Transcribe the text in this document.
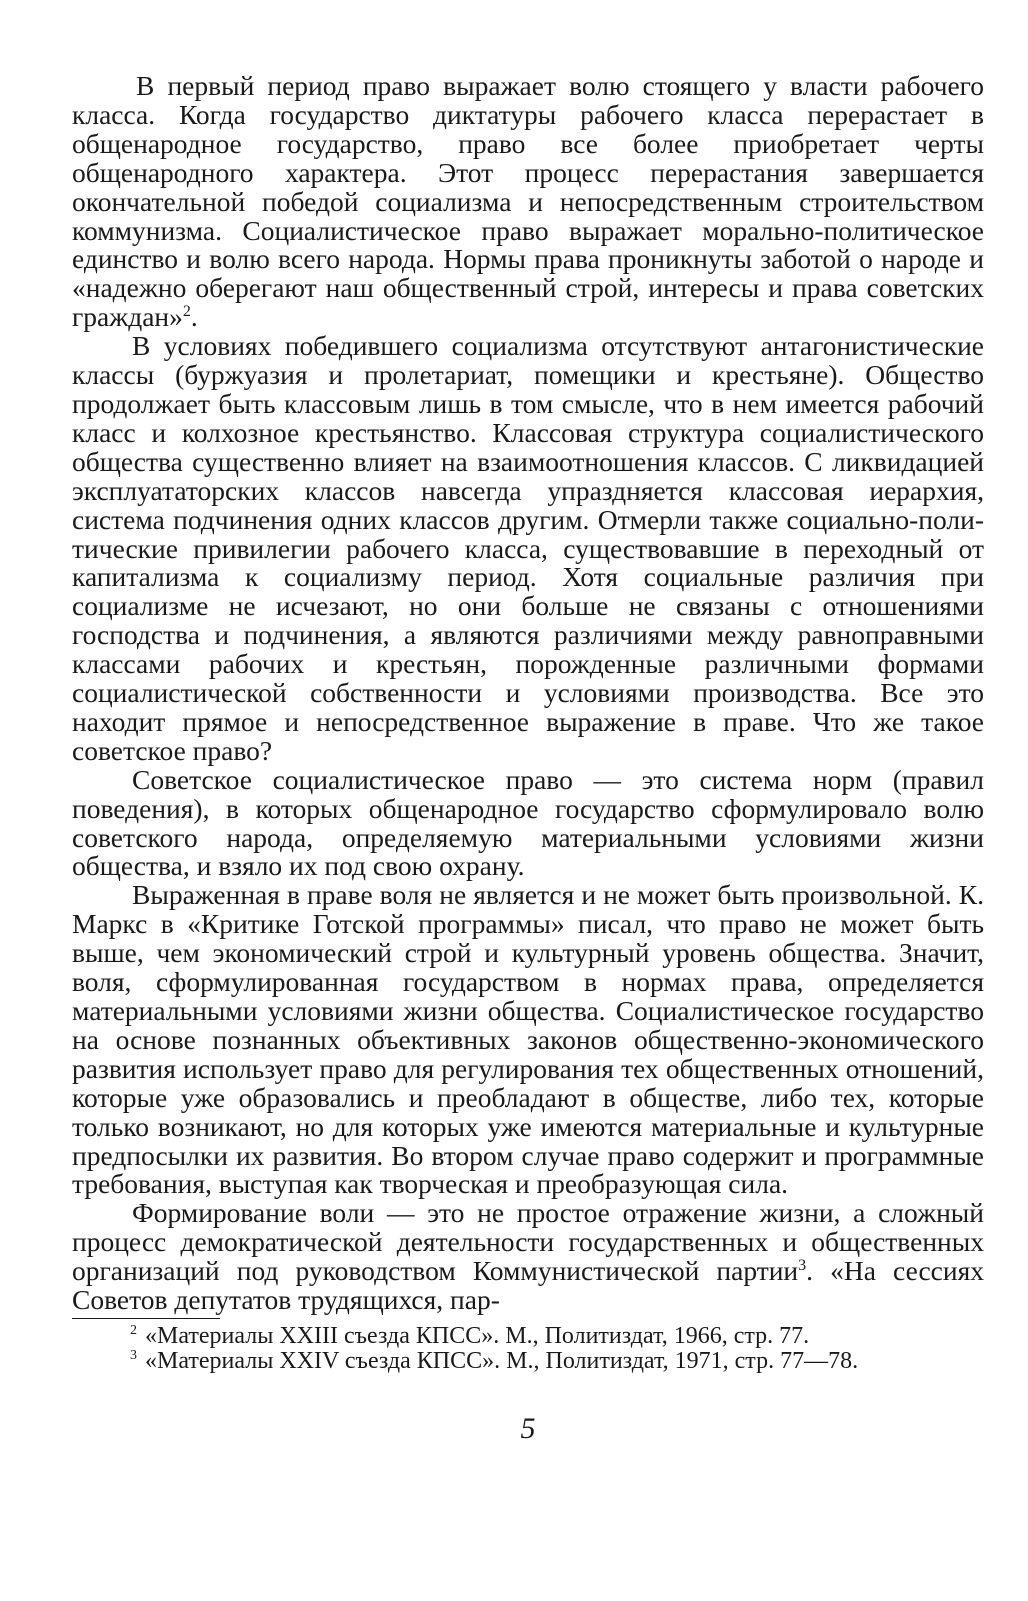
В первый период право выражает волю стоящего у власти рабочего класса. Когда государство диктатуры рабочего класса перерастает в общенародное государство, право все более приобретает черты общенародного характера. Этот процесс перерастания завершается окончательной победой социализма и непосредственным строительством коммунизма. Социалистическое право выражает морально-политическое единство и волю всего народа. Нормы права проникнуты заботой о народе и «надежно оберегают наш общественный строй, интересы и права советских граждан»$^2$.

В условиях победившего социализма отсутствуют антагонистические классы (буржуазия и пролетариат, помещики и крестьяне). Общество продолжает быть классовым лишь в том смысле, что в нем имеется рабочий класс и колхозное крестьянство. Классовая структура социалистического общества существенно влияет на взаимоотношения классов. С ликвидацией эксплуататорских классов навсегда упраздняется классовая иерархия, система подчинения одних классов другим. Отмерли также социально-политические привилегии рабочего класса, существовавшие в переходный от капитализма к социализму период. Хотя социальные различия при социализме не исчезают, но они больше не связаны с отношениями господства и подчинения, а являются различиями между равноправными классами рабочих и крестьян, порожденные различными формами социалистической собственности и условиями производства. Все это находит прямое и непосредственное выражение в праве. Что же такое советское право?

Советское социалистическое право — это система норм (правил поведения), в которых общенародное государство сформулировало волю советского народа, определяемую материальными условиями жизни общества, и взяло их под свою охрану.

Выраженная в праве воля не является и не может быть произвольной. К. Маркс в «Критике Готской программы» писал, что право не может быть выше, чем экономический строй и культурный уровень общества. Значит, воля, сформулированная государством в нормах права, определяется материальными условиями жизни общества. Социалистическое государство на основе познанных объективных законов общественно-экономического развития использует право для регулирования тех общественных отношений, которые уже образовались и преобладают в обществе, либо тех, которые только возникают, но для которых уже имеются материальные и культурные предпосылки их развития. Во втором случае право содержит и программные требования, выступая как творческая и преобразующая сила.

Формирование воли — это не простое отражение жизни, а сложный процесс демократической деятельности государственных и общественных организаций под руководством Коммунистической партии$^3$. «На сессиях Советов депутатов трудящихся, пар-

$^2$ «Материалы XXIII съезда КПСС». М., Политиздат, 1966, стр. 77.
$^3$ «Материалы XXIV съезда КПСС». М., Политиздат, 1971, стр. 77—78.
5
